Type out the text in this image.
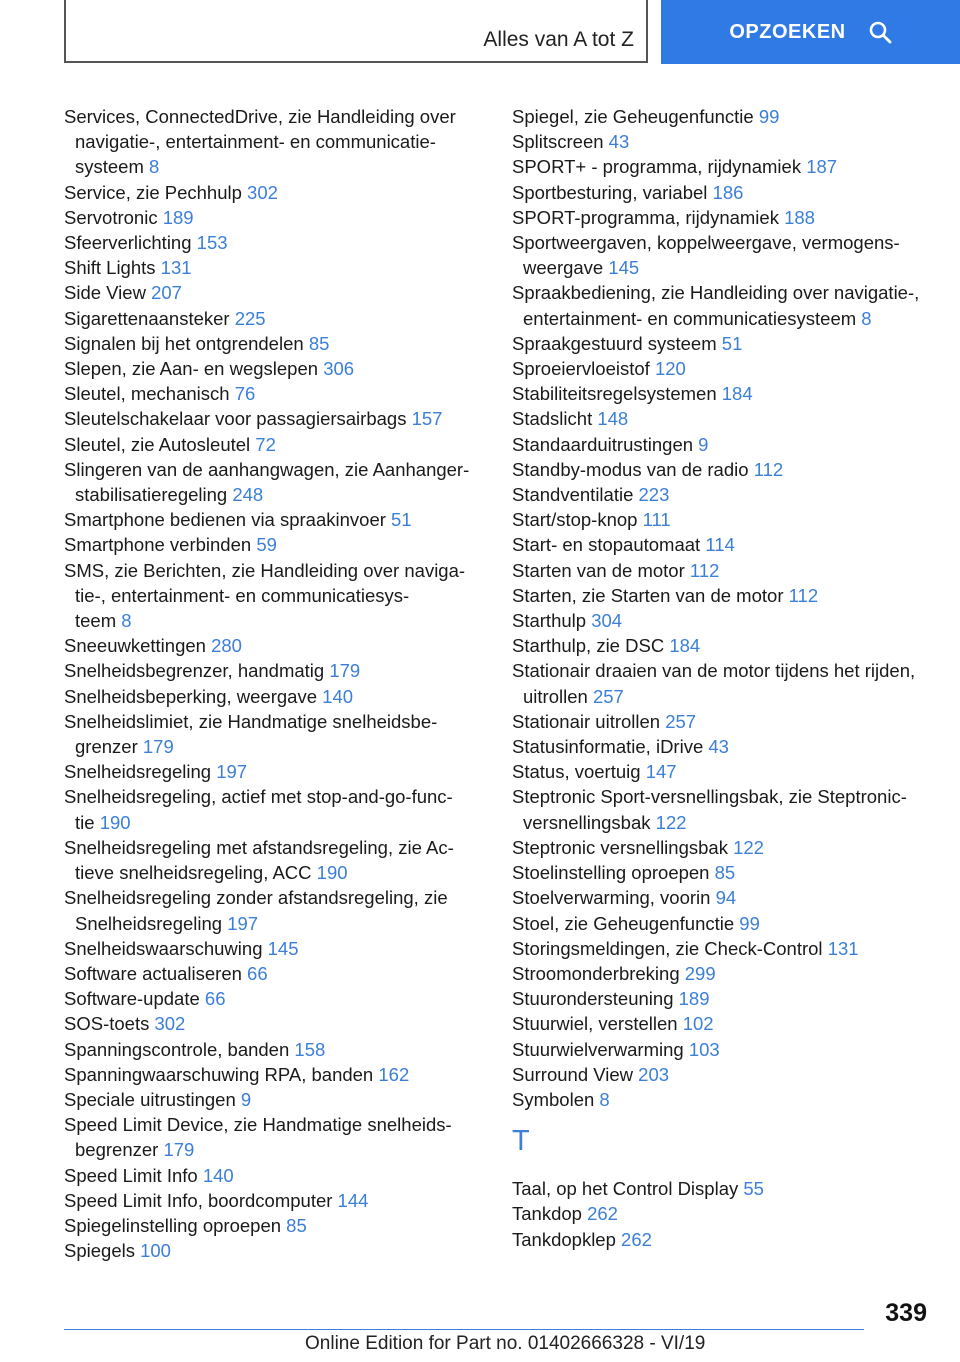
Alles van A tot Z	OPZOEKEN
Services, ConnectedDrive, zie Handleiding over
navigatie-, entertainment- en communicatie-
systeem 8
Service, zie Pechhulp 302
Servotronic 189
Sfeerverlichting 153
Shift Lights 131
Side View 207
Sigarettenaansteker 225
Signalen bij het ontgrendelen 85
Slepen, zie Aan- en wegslepen 306
Sleutel, mechanisch 76
Sleutelschakelaar voor passagiersairbags 157
Sleutel, zie Autosleutel 72
Slingeren van de aanhangwagen, zie Aanhanger-
stabilisatieregeling 248
Smartphone bedienen via spraakinvoer 51
Smartphone verbinden 59
SMS, zie Berichten, zie Handleiding over naviga-
tie-, entertainment- en communicatiesys-
teem 8
Sneeuwkettingen 280
Snelheidsbegrenzer, handmatig 179
Snelheidsbeperking, weergave 140
Snelheidslimiet, zie Handmatige snelheidsbe-
grenzer 179
Snelheidsregeling 197
Snelheidsregeling, actief met stop-and-go-func-
tie 190
Snelheidsregeling met afstandsregeling, zie Ac-
tieve snelheidsregeling, ACC 190
Snelheidsregeling zonder afstandsregeling, zie
Snelheidsregeling 197
Snelheidswaarschuwing 145
Software actualiseren 66
Software-update 66
SOS-toets 302
Spanningscontrole, banden 158
Spanningwaarschuwing RPA, banden 162
Speciale uitrustingen 9
Speed Limit Device, zie Handmatige snelheids-
begrenzer 179
Speed Limit Info 140
Speed Limit Info, boordcomputer 144
Spiegelinstelling oproepen 85
Spiegels 100
Spiegel, zie Geheugenfunctie 99
Splitscreen 43
SPORT+ - programma, rijdynamiek 187
Sportbesturing, variabel 186
SPORT-programma, rijdynamiek 188
Sportweergaven, koppelweergave, vermogens-
weergave 145
Spraakbediening, zie Handleiding over navigatie-,
entertainment- en communicatiesysteem 8
Spraakgestuurd systeem 51
Sproeiervloeistof 120
Stabiliteitsregelsystemen 184
Stadslicht 148
Standaarduitrustingen 9
Standby-modus van de radio 112
Standventilatie 223
Start/stop-knop 111
Start- en stopautomaat 114
Starten van de motor 112
Starten, zie Starten van de motor 112
Starthulp 304
Starthulp, zie DSC 184
Stationair draaien van de motor tijdens het rijden,
uitrollen 257
Stationair uitrollen 257
Statusinformatie, iDrive 43
Status, voertuig 147
Steptronic Sport-versnellingsbak, zie Steptronic-
versnellingsbak 122
Steptronic versnellingsbak 122
Stoelinstelling oproepen 85
Stoelverwarming, voorin 94
Stoel, zie Geheugenfunctie 99
Storingsmeldingen, zie Check-Control 131
Stroomonderbreking 299
Stuurondersteuning 189
Stuurwiel, verstellen 102
Stuurwielverwarming 103
Surround View 203
Symbolen 8
T
Taal, op het Control Display 55
Tankdop 262
Tankdopklep 262
339
Online Edition for Part no. 01402666328 - VI/19
